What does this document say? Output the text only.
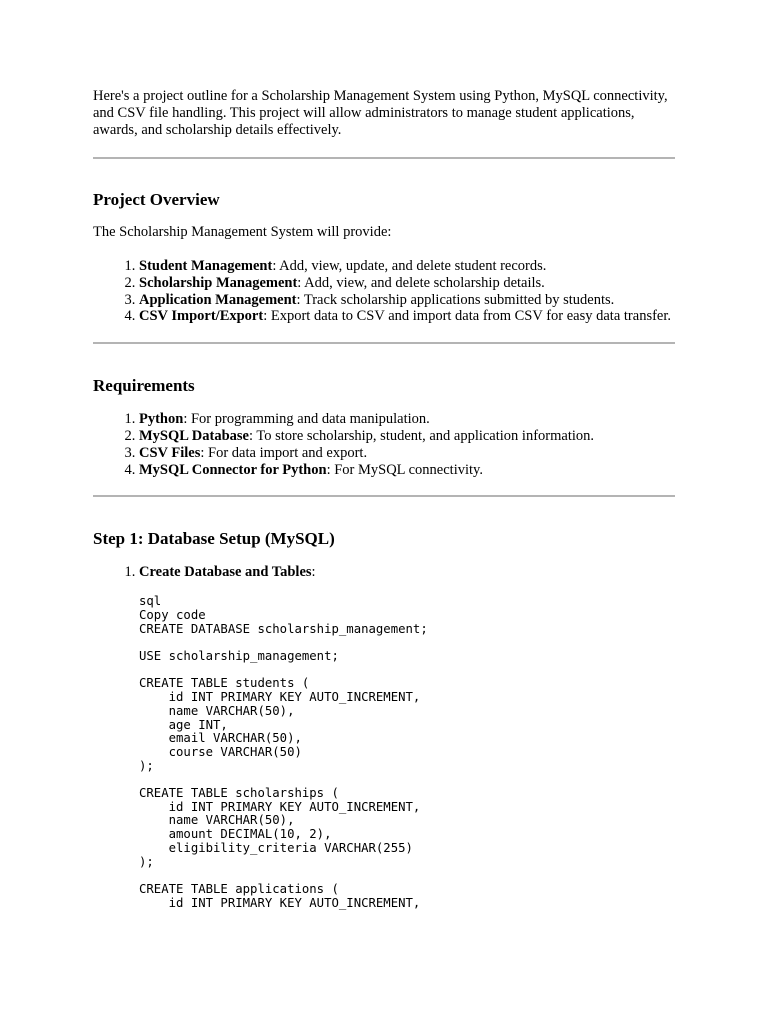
Here's a project outline for a Scholarship Management System using Python, MySQL connectivity, and CSV file handling. This project will allow administrators to manage student applications, awards, and scholarship details effectively.

Project Overview

The Scholarship Management System will provide:

1. Student Management: Add, view, update, and delete student records.
2. Scholarship Management: Add, view, and delete scholarship details.
3. Application Management: Track scholarship applications submitted by students.
4. CSV Import/Export: Export data to CSV and import data from CSV for easy data transfer.
Requirements
1. Python: For programming and data manipulation.
2. MySQL Database: To store scholarship, student, and application information.
3. CSV Files: For data import and export.
4. MySQL Connector for Python: For MySQL connectivity.
Step 1: Database Setup (MySQL)
1. Create Database and Tables:
sql
Copy code
CREATE DATABASE scholarship_management;

USE scholarship_management;

CREATE TABLE students (
id INT PRIMARY KEY AUTO_INCREMENT,
name VARCHAR(50),
age INT,
email VARCHAR(50),
course VARCHAR(50)
);

CREATE TABLE scholarships (
id INT PRIMARY KEY AUTO_INCREMENT,
name VARCHAR(50),
amount DECIMAL(10, 2),
eligibility_criteria VARCHAR(255)
);

CREATE TABLE applications (
id INT PRIMARY KEY AUTO_INCREMENT,
